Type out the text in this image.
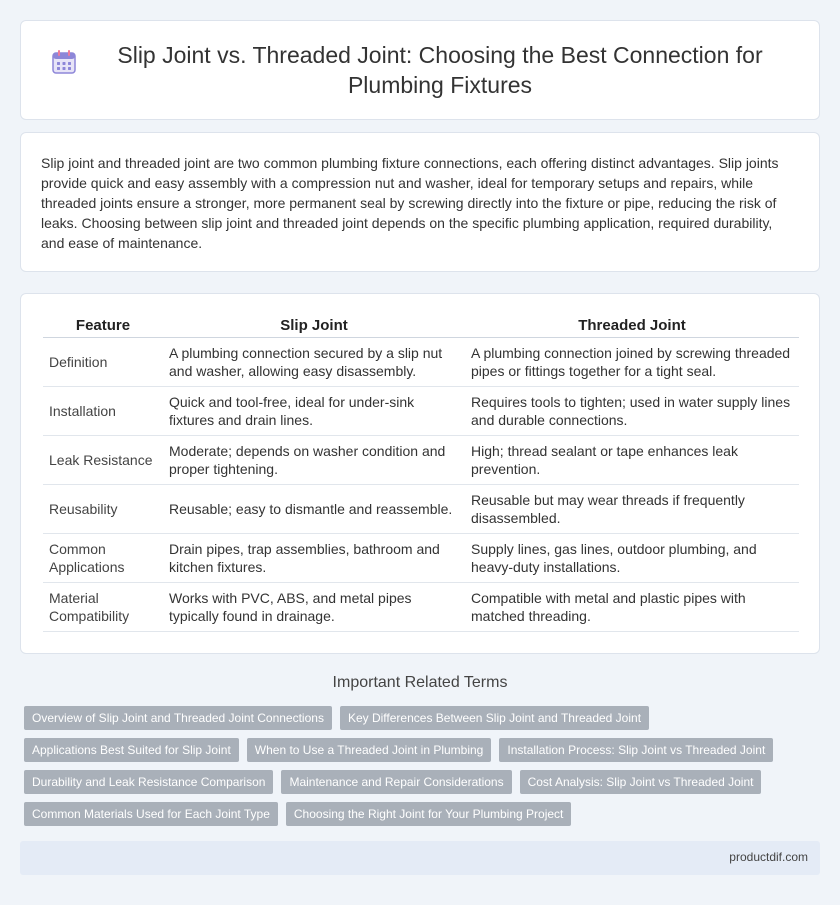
Slip Joint vs. Threaded Joint: Choosing the Best Connection for Plumbing Fixtures

Slip joint and threaded joint are two common plumbing fixture connections, each offering distinct advantages. Slip joints provide quick and easy assembly with a compression nut and washer, ideal for temporary setups and repairs, while threaded joints ensure a stronger, more permanent seal by screwing directly into the fixture or pipe, reducing the risk of leaks. Choosing between slip joint and threaded joint depends on the specific plumbing application, required durability, and ease of maintenance.

Feature	Slip Joint	Threaded Joint
Definition	A plumbing connection secured by a slip nut and washer, allowing easy disassembly.	A plumbing connection joined by screwing threaded pipes or fittings together for a tight seal.
Installation	Quick and tool-free, ideal for under-sink fixtures and drain lines.	Requires tools to tighten; used in water supply lines and durable connections.
Leak Resistance	Moderate; depends on washer condition and proper tightening.	High; thread sealant or tape enhances leak prevention.
Reusability	Reusable; easy to dismantle and reassemble.	Reusable but may wear threads if frequently disassembled.
Common Applications	Drain pipes, trap assemblies, bathroom and kitchen fixtures.	Supply lines, gas lines, outdoor plumbing, and heavy-duty installations.
Material Compatibility	Works with PVC, ABS, and metal pipes typically found in drainage.	Compatible with metal and plastic pipes with matched threading.
Important Related Terms
Overview of Slip Joint and Threaded Joint Connections	Key Differences Between Slip Joint and Threaded Joint
Applications Best Suited for Slip Joint	When to Use a Threaded Joint in Plumbing	Installation Process: Slip Joint vs Threaded Joint
Durability and Leak Resistance Comparison	Maintenance and Repair Considerations	Cost Analysis: Slip Joint vs Threaded Joint
Common Materials Used for Each Joint Type	Choosing the Right Joint for Your Plumbing Project
productdif.com
